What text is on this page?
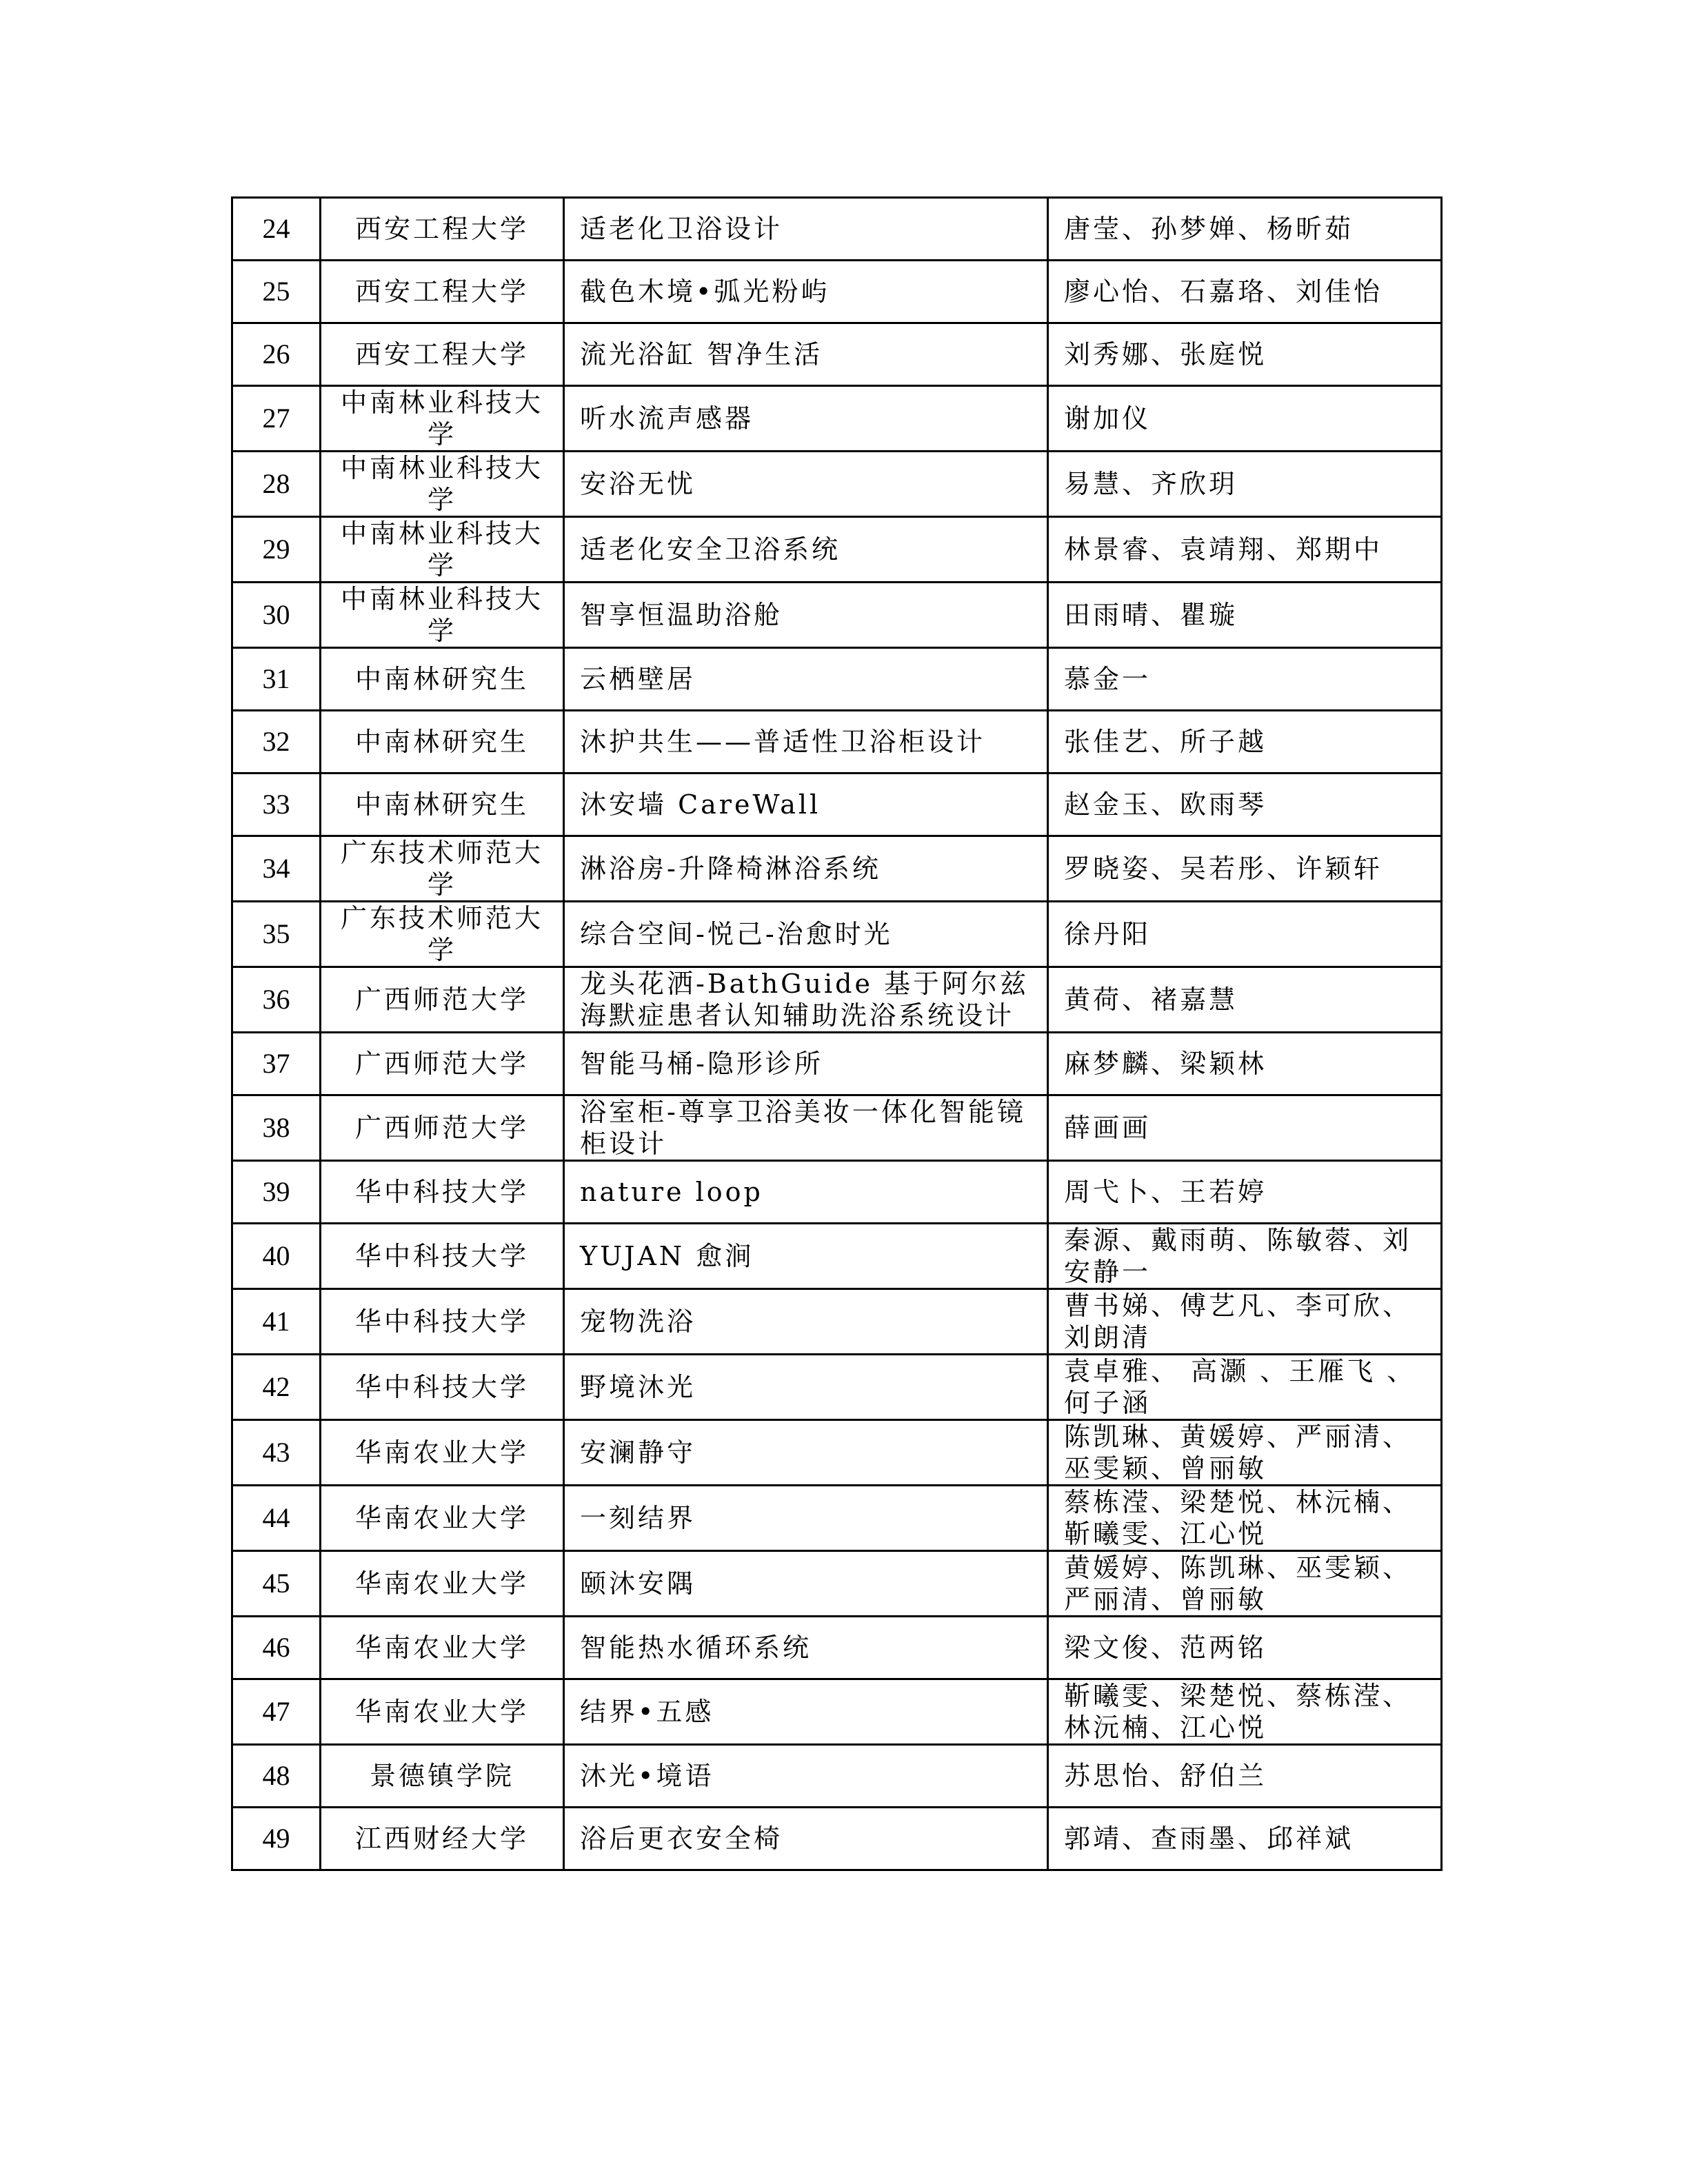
24	西安工程大学	适老化卫浴设计	唐莹、孙梦婵、杨昕茹

25	西安工程大学	截色木境•弧光粉屿	廖心怡、石嘉珞、刘佳怡

26	西安工程大学	流光浴缸 智净生活	刘秀娜、张庭悦

27	中南林业科技大学	听水流声感器	谢加仪

28	中南林业科技大学	安浴无忧	易慧、齐欣玥

29	中南林业科技大学	适老化安全卫浴系统	林景睿、袁靖翔、郑期中

30	中南林业科技大学	智享恒温助浴舱	田雨晴、瞿璇

31	中南林研究生	云栖壁居	慕金一

32	中南林研究生	沐护共生——普适性卫浴柜设计	张佳艺、所子越

33	中南林研究生	沐安墙 CareWall	赵金玉、欧雨琴

34	广东技术师范大学	淋浴房-升降椅淋浴系统	罗晓姿、吴若彤、许颖轩

35	广东技术师范大学	综合空间-悦己-治愈时光	徐丹阳

36	广西师范大学	龙头花洒-BathGuide 基于阿尔兹海默症患者认知辅助洗浴系统设计	黄荷、褚嘉慧

37	广西师范大学	智能马桶-隐形诊所	麻梦麟、梁颖林

38	广西师范大学	浴室柜-尊享卫浴美妆一体化智能镜柜设计	薛画画

39	华中科技大学	nature loop	周弋卜、王若婷

40	华中科技大学	YUJAN 愈涧	秦源、戴雨萌、陈敏蓉、刘安静一

41	华中科技大学	宠物洗浴	曹书娣、傅艺凡、李可欣、刘朗清

42	华中科技大学	野境沐光	袁卓雅、 高灏 、王雁飞 、何子涵

43	华南农业大学	安澜静守	陈凯琳、黄媛婷、严丽清、巫雯颖、曾丽敏

44	华南农业大学	一刻结界	蔡栋滢、梁楚悦、林沅楠、靳曦雯、江心悦

45	华南农业大学	颐沐安隅	黄媛婷、陈凯琳、巫雯颖、严丽清、曾丽敏

46	华南农业大学	智能热水循环系统	梁文俊、范两铭

47	华南农业大学	结界•五感	靳曦雯、梁楚悦、蔡栋滢、林沅楠、江心悦

48	景德镇学院	沐光•境语	苏思怡、舒伯兰

49	江西财经大学	浴后更衣安全椅	郭靖、查雨墨、邱祥斌
